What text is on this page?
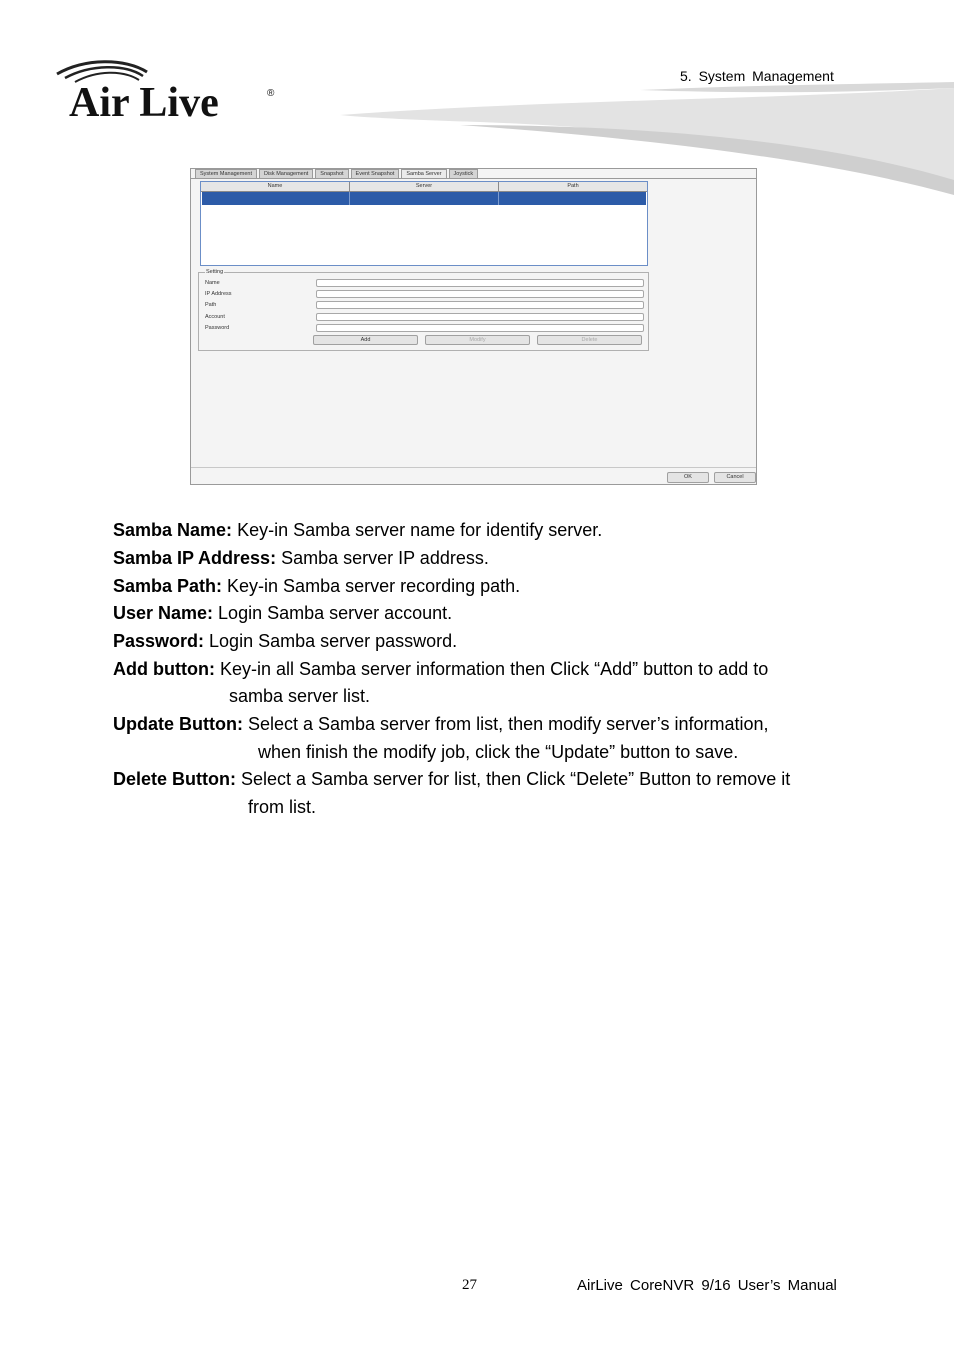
Air Live	®
5. System Management
System Management	Disk Management	Snapshot	Event Snapshot	Samba Server	Joystick
Name	Server	Path
Setting
Name
IP Address
Path
Account
Password
Add	Modify	Delete
OK	Cancel
Samba Name: Key-in Samba server name for identify server.
Samba IP Address: Samba server IP address.
Samba Path: Key-in Samba server recording path.
User Name: Login Samba server account.
Password: Login Samba server password.
Add button: Key-in all Samba server information then Click “Add” button to add to
samba server list.
Update Button: Select a Samba server from list, then modify server’s information,
when finish the modify job, click the “Update” button to save.
Delete Button: Select a Samba server for list, then Click “Delete” Button to remove it
from list.
27	AirLive CoreNVR 9/16 User’s Manual
